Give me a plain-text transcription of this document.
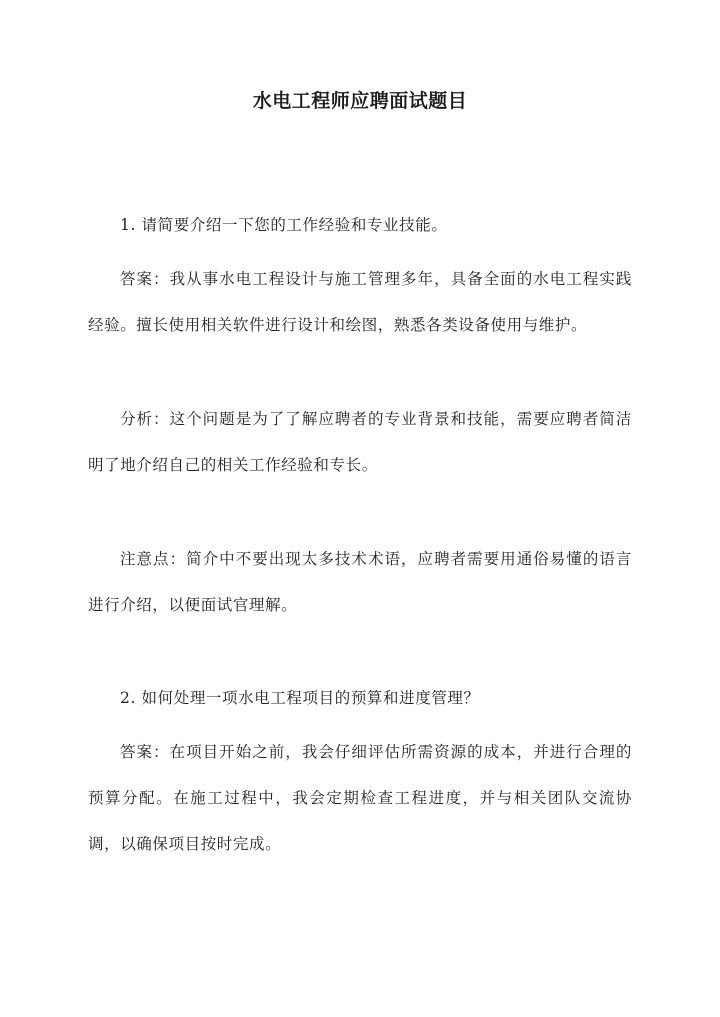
水电工程师应聘面试题目

1. 请简要介绍一下您的工作经验和专业技能。

答案：我从事水电工程设计与施工管理多年，具备全面的水电工程实践经验。擅长使用相关软件进行设计和绘图，熟悉各类设备使用与维护。

分析：这个问题是为了了解应聘者的专业背景和技能，需要应聘者简洁明了地介绍自己的相关工作经验和专长。

注意点：简介中不要出现太多技术术语，应聘者需要用通俗易懂的语言进行介绍，以便面试官理解。

2. 如何处理一项水电工程项目的预算和进度管理？

答案：在项目开始之前，我会仔细评估所需资源的成本，并进行合理的预算分配。在施工过程中，我会定期检查工程进度，并与相关团队交流协调，以确保项目按时完成。
